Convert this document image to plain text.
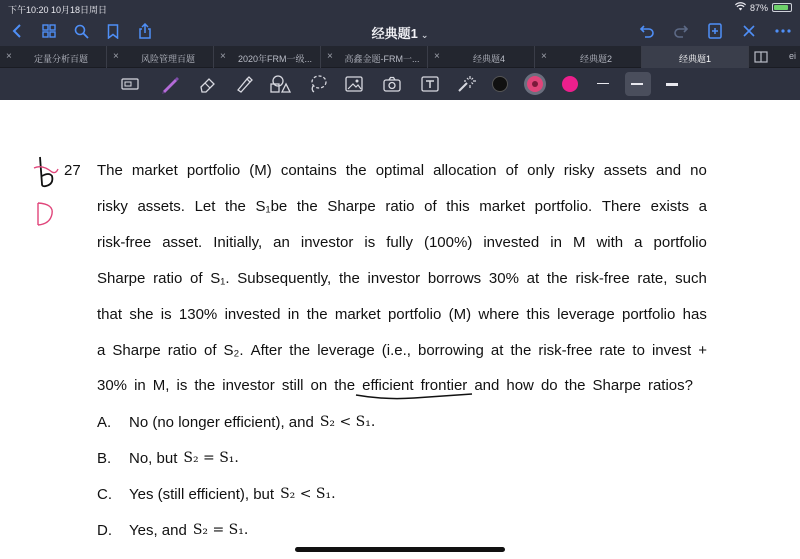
下午10:20 10月18日周日	87%
经典题1 ⌄
×	定量分析百题	×	风险管理百题	× 2020年FRM一级... × 高鑫金题-FRM一... ×	经典题4	×	经典题2	经典题1	ei
27 The market portfolio (M) contains the optimal allocation of only risky assets and no
risky assets. Let the S₁be the Sharpe ratio of this market portfolio. There exists a
risk-free asset. Initially, an investor is fully (100%) invested in M with a portfolio
Sharpe ratio of S₁. Subsequently, the investor borrows 30% at the risk-free rate, such
that she is 130% invested in the market portfolio (M) where this leverage portfolio has
a Sharpe ratio of S₂. After the leverage (i.e., borrowing at the risk-free rate to invest +
30% in M, is the investor still on the efficient frontier and how do the Sharpe ratios?
A.	No (no longer efficient), and S₂ < S₁.
B.	No, but S₂ = S₁.
C.	Yes (still efficient), but S₂ < S₁.
D.	Yes, and S₂ = S₁.
